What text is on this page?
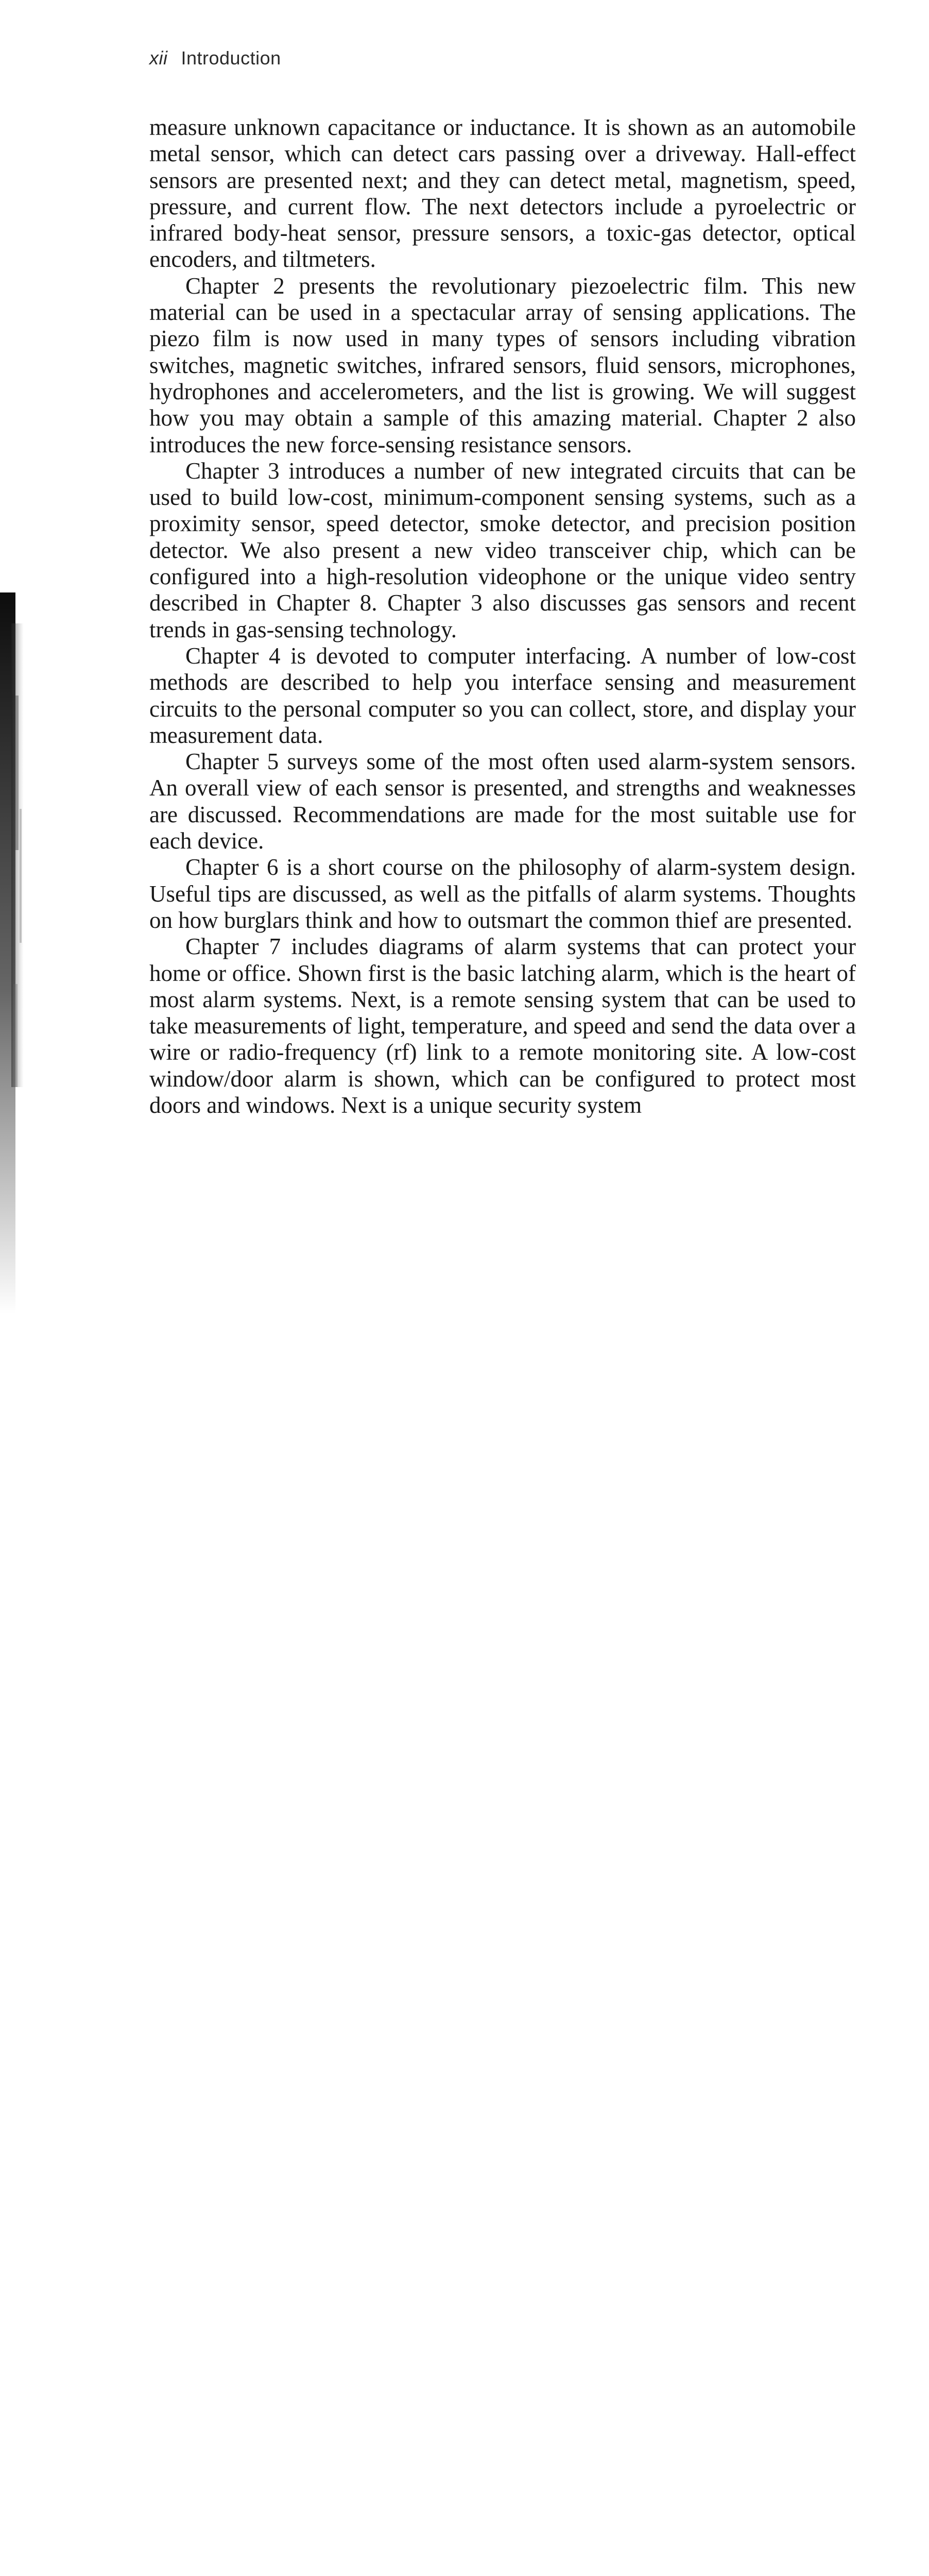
xii Introduction

measure unknown capacitance or inductance. It is shown as an automobile metal sensor, which can detect cars passing over a driveway. Hall-effect sensors are presented next; and they can detect metal, magnetism, speed, pressure, and current flow. The next detectors include a pyroelectric or infrared body-heat sensor, pressure sensors, a toxic-gas detector, optical encoders, and tiltmeters.

Chapter 2 presents the revolutionary piezoelectric film. This new material can be used in a spectacular array of sensing applications. The piezo film is now used in many types of sensors including vibration switches, magnetic switches, infrared sensors, fluid sensors, microphones, hydrophones and accelerometers, and the list is growing. We will suggest how you may obtain a sample of this amazing material. Chapter 2 also introduces the new force-sensing resistance sensors.

Chapter 3 introduces a number of new integrated circuits that can be used to build low-cost, minimum-component sensing systems, such as a proximity sensor, speed detector, smoke detector, and precision position detector. We also present a new video transceiver chip, which can be configured into a high-resolution videophone or the unique video sentry described in Chapter 8. Chapter 3 also discusses gas sensors and recent trends in gas-sensing technology.

Chapter 4 is devoted to computer interfacing. A number of low-cost methods are described to help you interface sensing and measurement circuits to the personal computer so you can collect, store, and display your measurement data.

Chapter 5 surveys some of the most often used alarm-system sensors. An overall view of each sensor is presented, and strengths and weaknesses are discussed. Recommendations are made for the most suitable use for each device.

Chapter 6 is a short course on the philosophy of alarm-system design. Useful tips are discussed, as well as the pitfalls of alarm systems. Thoughts on how burglars think and how to outsmart the common thief are presented.

Chapter 7 includes diagrams of alarm systems that can protect your home or office. Shown first is the basic latching alarm, which is the heart of most alarm systems. Next, is a remote sensing system that can be used to take measurements of light, temperature, and speed and send the data over a wire or radio-frequency (rf) link to a remote monitoring site. A low-cost window/door alarm is shown, which can be configured to protect most doors and windows. Next is a unique security system
